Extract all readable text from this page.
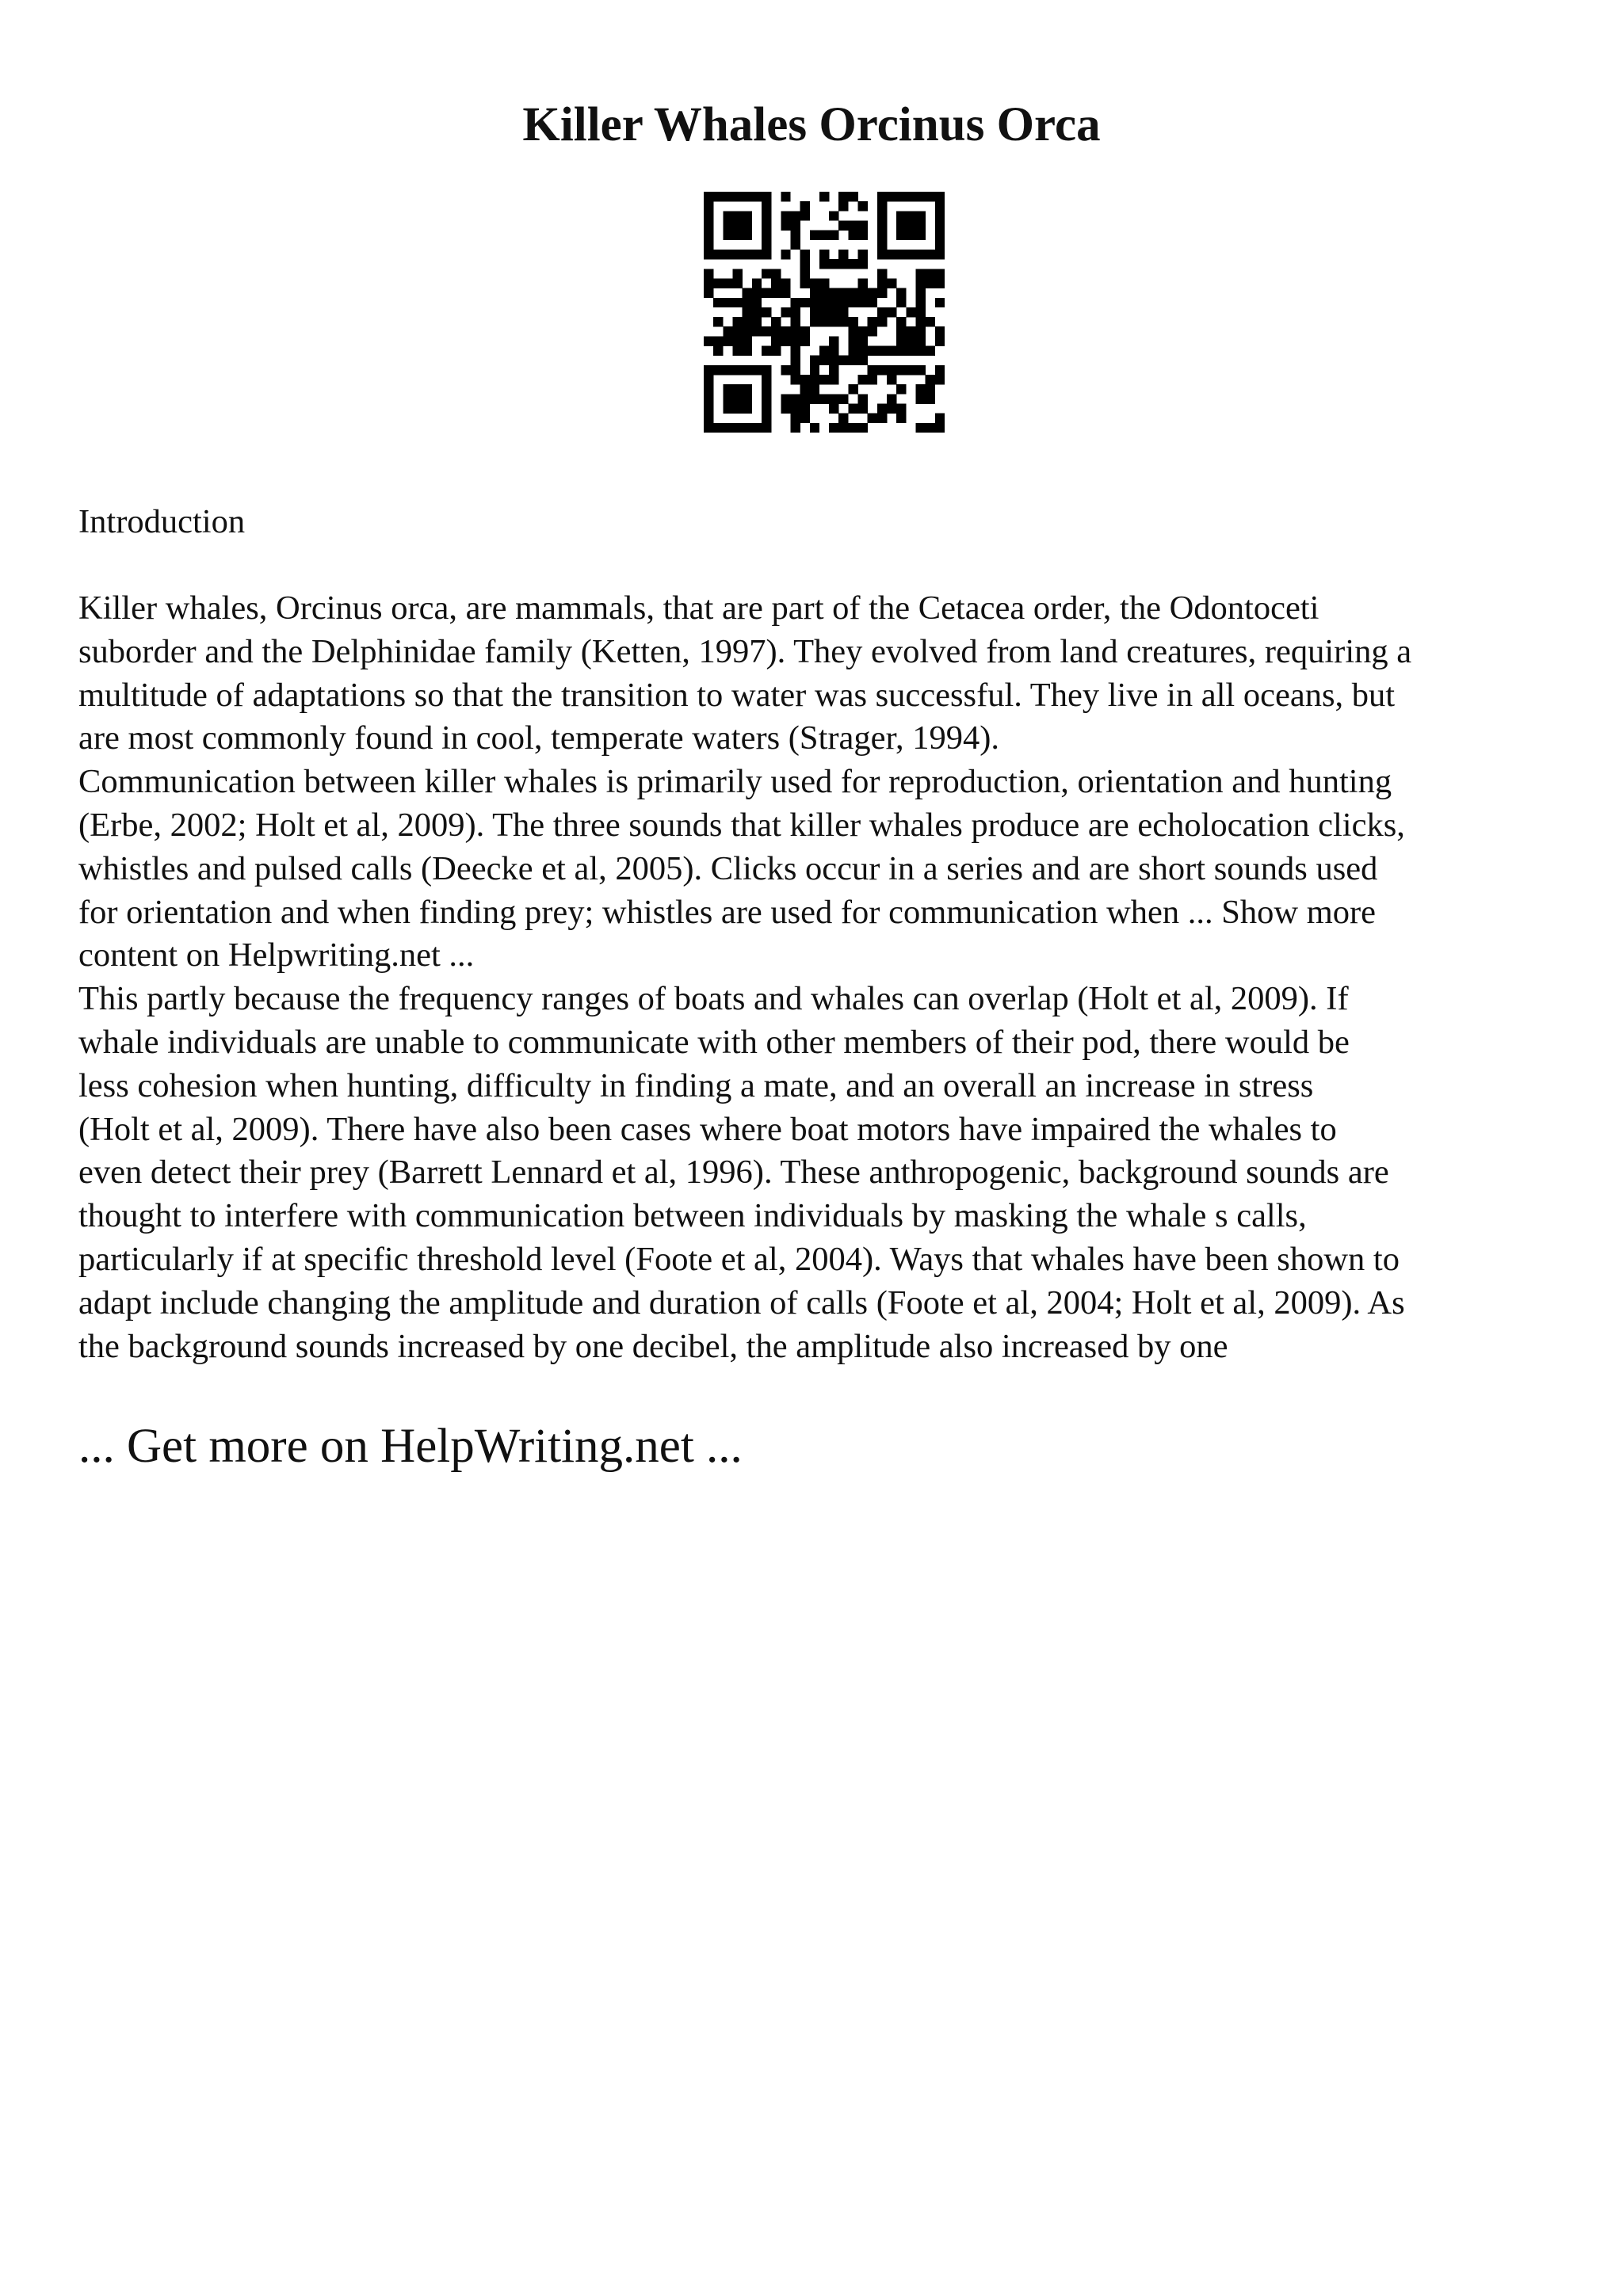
Killer Whales Orcinus Orca

Introduction

Killer whales, Orcinus orca, are mammals, that are part of the Cetacea order, the Odontoceti
suborder and the Delphinidae family (Ketten, 1997). They evolved from land creatures, requiring a
multitude of adaptations so that the transition to water was successful. They live in all oceans, but
are most commonly found in cool, temperate waters (Strager, 1994).
Communication between killer whales is primarily used for reproduction, orientation and hunting
(Erbe, 2002; Holt et al, 2009). The three sounds that killer whales produce are echolocation clicks,
whistles and pulsed calls (Deecke et al, 2005). Clicks occur in a series and are short sounds used
for orientation and when finding prey; whistles are used for communication when ... Show more
content on Helpwriting.net ...
This partly because the frequency ranges of boats and whales can overlap (Holt et al, 2009). If
whale individuals are unable to communicate with other members of their pod, there would be
less cohesion when hunting, difficulty in finding a mate, and an overall an increase in stress
(Holt et al, 2009). There have also been cases where boat motors have impaired the whales to
even detect their prey (Barrett Lennard et al, 1996). These anthropogenic, background sounds are
thought to interfere with communication between individuals by masking the whale s calls,
particularly if at specific threshold level (Foote et al, 2004). Ways that whales have been shown to
adapt include changing the amplitude and duration of calls (Foote et al, 2004; Holt et al, 2009). As
the background sounds increased by one decibel, the amplitude also increased by one

... Get more on HelpWriting.net ...
